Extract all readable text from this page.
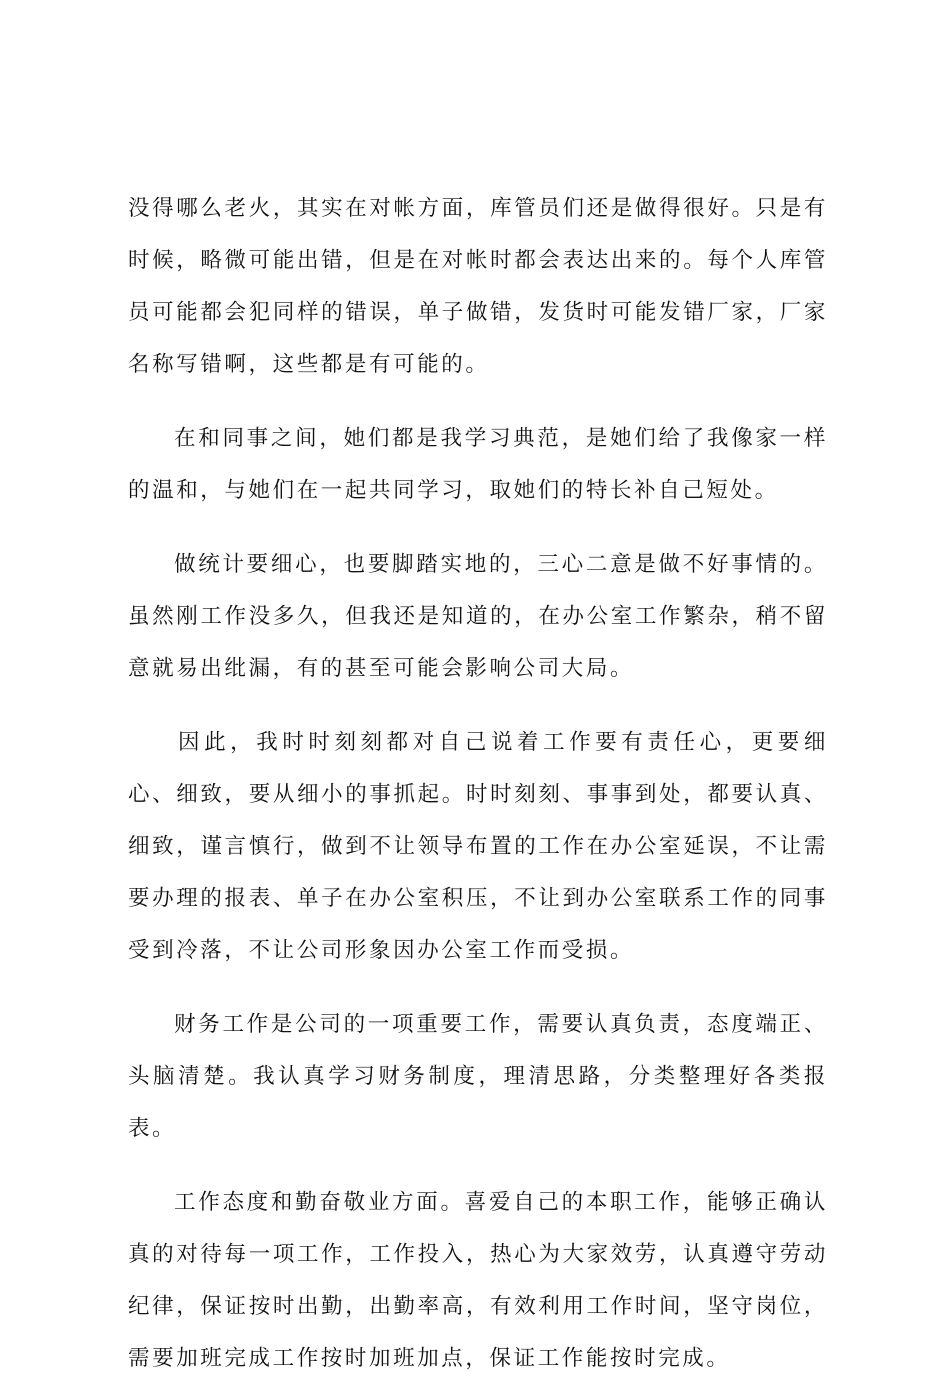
没得哪么老火，其实在对帐方面，库管员们还是做得很好。只是有时候，略微可能出错，但是在对帐时都会表达出来的。每个人库管员可能都会犯同样的错误，单子做错，发货时可能发错厂家，厂家名称写错啊，这些都是有可能的。

在和同事之间，她们都是我学习典范，是她们给了我像家一样的温和，与她们在一起共同学习，取她们的特长补自己短处。

做统计要细心，也要脚踏实地的，三心二意是做不好事情的。虽然刚工作没多久，但我还是知道的，在办公室工作繁杂，稍不留意就易出纰漏，有的甚至可能会影响公司大局。

因此，我时时刻刻都对自己说着工作要有责任心，更要细心、细致，要从细小的事抓起。时时刻刻、事事到处，都要认真、细致，谨言慎行，做到不让领导布置的工作在办公室延误，不让需要办理的报表、单子在办公室积压，不让到办公室联系工作的同事受到冷落，不让公司形象因办公室工作而受损。

财务工作是公司的一项重要工作，需要认真负责，态度端正、头脑清楚。我认真学习财务制度，理清思路，分类整理好各类报表。

工作态度和勤奋敬业方面。喜爱自己的本职工作，能够正确认真的对待每一项工作，工作投入，热心为大家效劳，认真遵守劳动纪律，保证按时出勤，出勤率高，有效利用工作时间，坚守岗位，需要加班完成工作按时加班加点，保证工作能按时完成。
